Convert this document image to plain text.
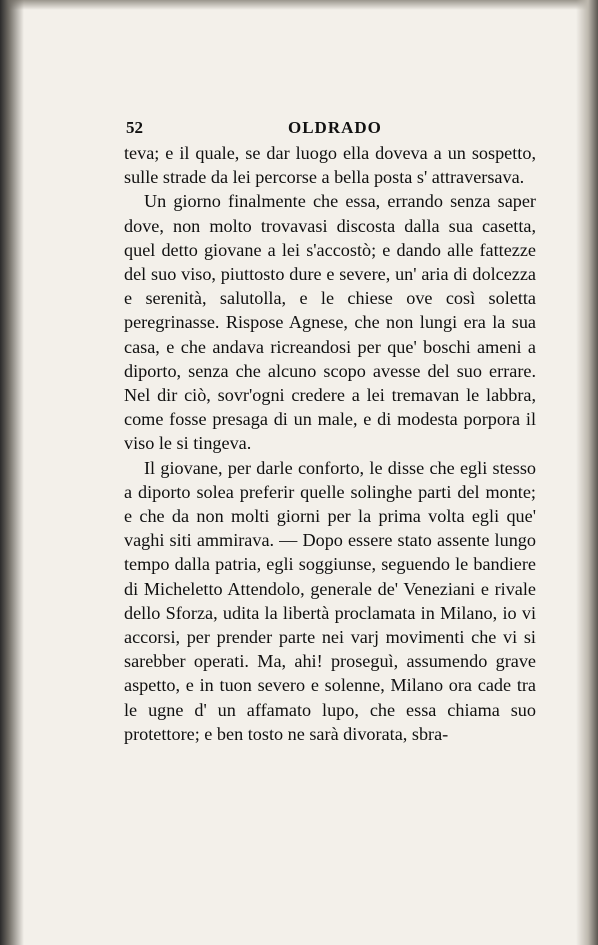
52	OLDRADO

teva; e il quale, se dar luogo ella doveva a un sospetto, sulle strade da lei percorse a bella posta s' attraversava.

Un giorno finalmente che essa, errando senza saper dove, non molto trovavasi discosta dalla sua casetta, quel detto giovane a lei s'accostò; e dando alle fattezze del suo viso, piuttosto dure e severe, un' aria di dolcezza e serenità, salutolla, e le chiese ove così soletta peregrinasse. Rispose Agnese, che non lungi era la sua casa, e che andava ricreandosi per que' boschi ameni a diporto, senza che alcuno scopo avesse del suo errare. Nel dir ciò, sovr'ogni credere a lei tremavan le labbra, come fosse presaga di un male, e di modesta porpora il viso le si tingeva.

Il giovane, per darle conforto, le disse che egli stesso a diporto solea preferir quelle solinghe parti del monte; e che da non molti giorni per la prima volta egli que' vaghi siti ammirava. — Dopo essere stato assente lungo tempo dalla patria, egli soggiunse, seguendo le bandiere di Micheletto Attendolo, generale de' Veneziani e rivale dello Sforza, udita la libertà proclamata in Milano, io vi accorsi, per prender parte nei varj movimenti che vi si sarebber operati. Ma, ahi! proseguì, assumendo grave aspetto, e in tuon severo e solenne, Milano ora cade tra le ugne d' un affamato lupo, che essa chiama suo protettore; e ben tosto ne sarà divorata, sbra-
